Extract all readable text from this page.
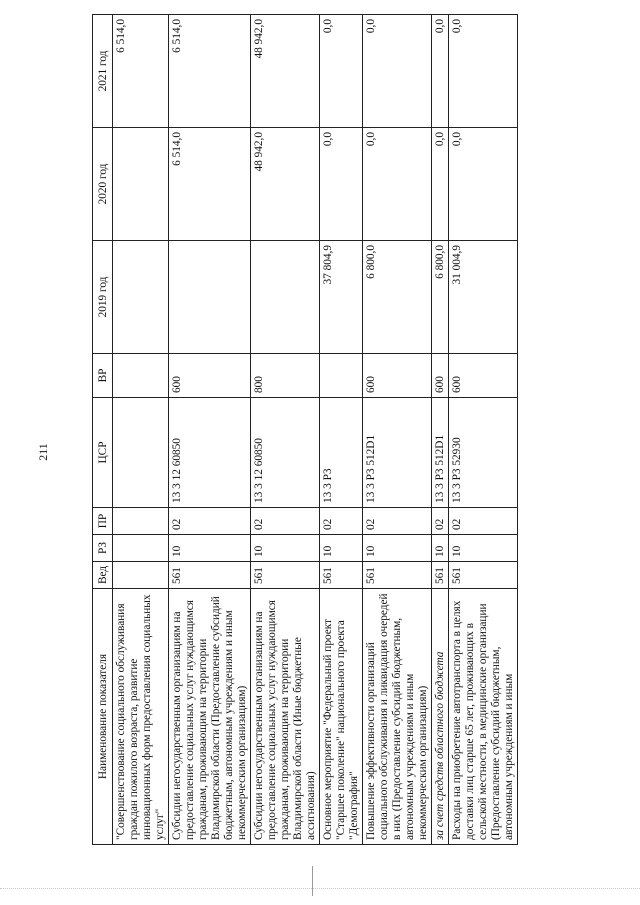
211
Наименование показателя	Вед	РЗ	ПР	ЦСР	ВР	2019 год	2020 год	2021 год
"Совершенствование социального обслуживания граждан пожилого возраста, развитие инновационных форм предоставления социальных услуг"								6 514,0
Субсидии негосударственным организациям на предоставление социальных услуг нуждающимся гражданам, проживающим на территории Владимирской области (Предоставление субсидий бюджетным, автономным учреждениям и иным некоммерческим организациям)	561	10	02	13 3 12 60850	600		6 514,0	6 514,0
Субсидии негосударственным организациям на предоставление социальных услуг нуждающимся гражданам, проживающим на территории Владимирской области (Иные бюджетные ассигнования)	561	10	02	13 3 12 60850	800		48 942,0	48 942,0
Основное мероприятие "Федеральный проект "Старшее поколение" национального проекта "Демография"	561	10	02	13 3 Р3		37 804,9	0,0	0,0
Повышение эффективности организаций социального обслуживания и ликвидация очередей в них (Предоставление субсидий бюджетным, автономным учреждениям и иным некоммерческим организациям)	561	10	02	13 3 Р3 512D1	600	6 800,0	0,0	0,0
за счет средств областного бюджета	561	10	02	13 3 Р3 512D1	600	6 800,0	0,0	0,0
Расходы на приобретение автотранспорта в целях доставки лиц старше 65 лет, проживающих в сельской местности, в медицинские организации (Предоставление субсидий бюджетным, автономным учреждениям и иным	561	10	02	13 3 Р3 52930	600	31 004,9	0,0	0,0
